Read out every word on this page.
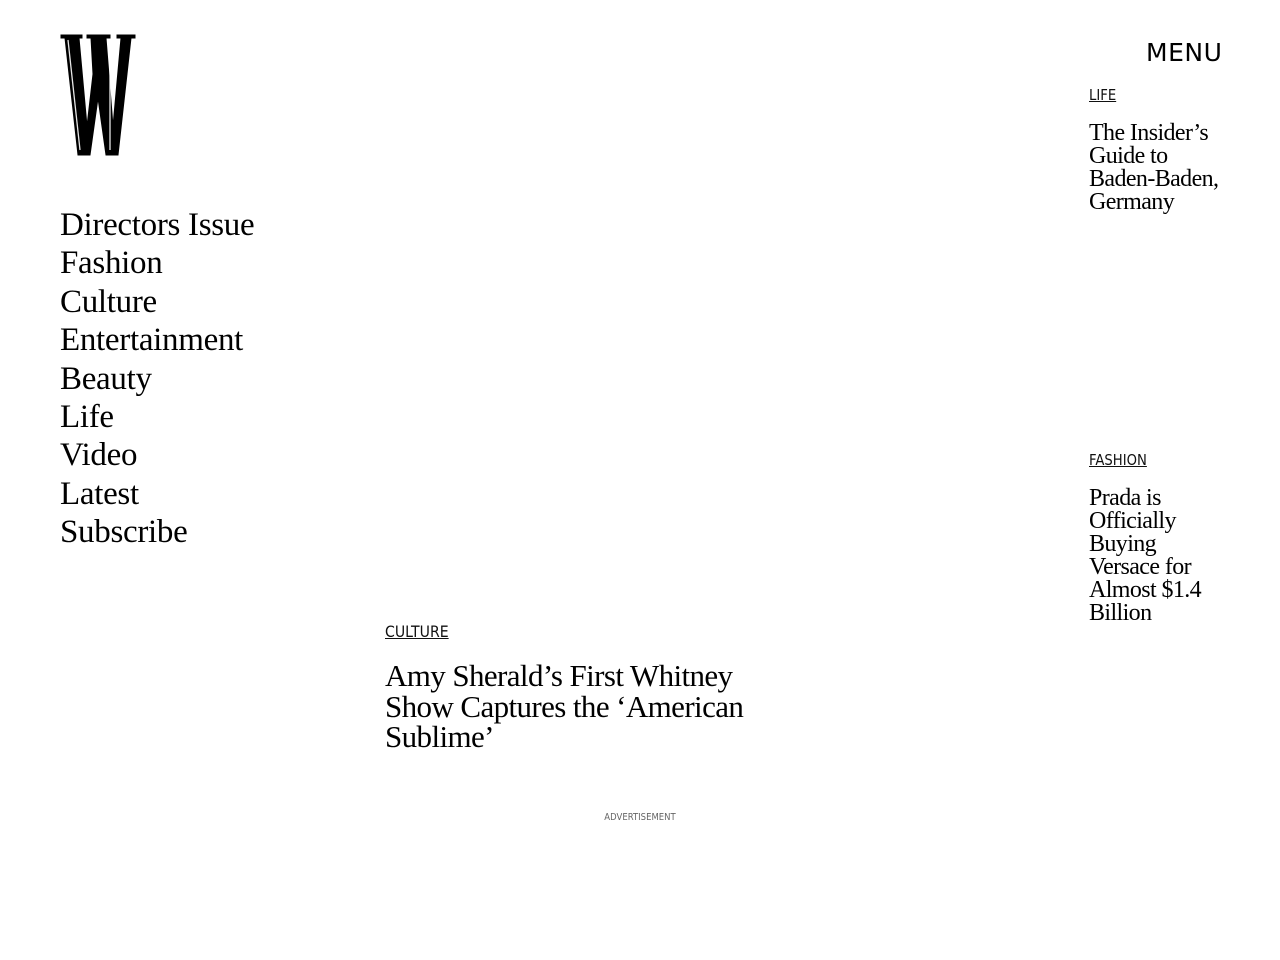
MENU
Directors Issue
Fashion
Culture
Entertainment
Beauty
Life
Video
Latest
Subscribe
LIFE
The Insider’s Guide to Baden-Baden, Germany
FASHION
Prada is Officially Buying Versace for Almost $1.4 Billion
CULTURE
Amy Sherald’s First Whitney Show Captures the ‘American Sublime’
ADVERTISEMENT
